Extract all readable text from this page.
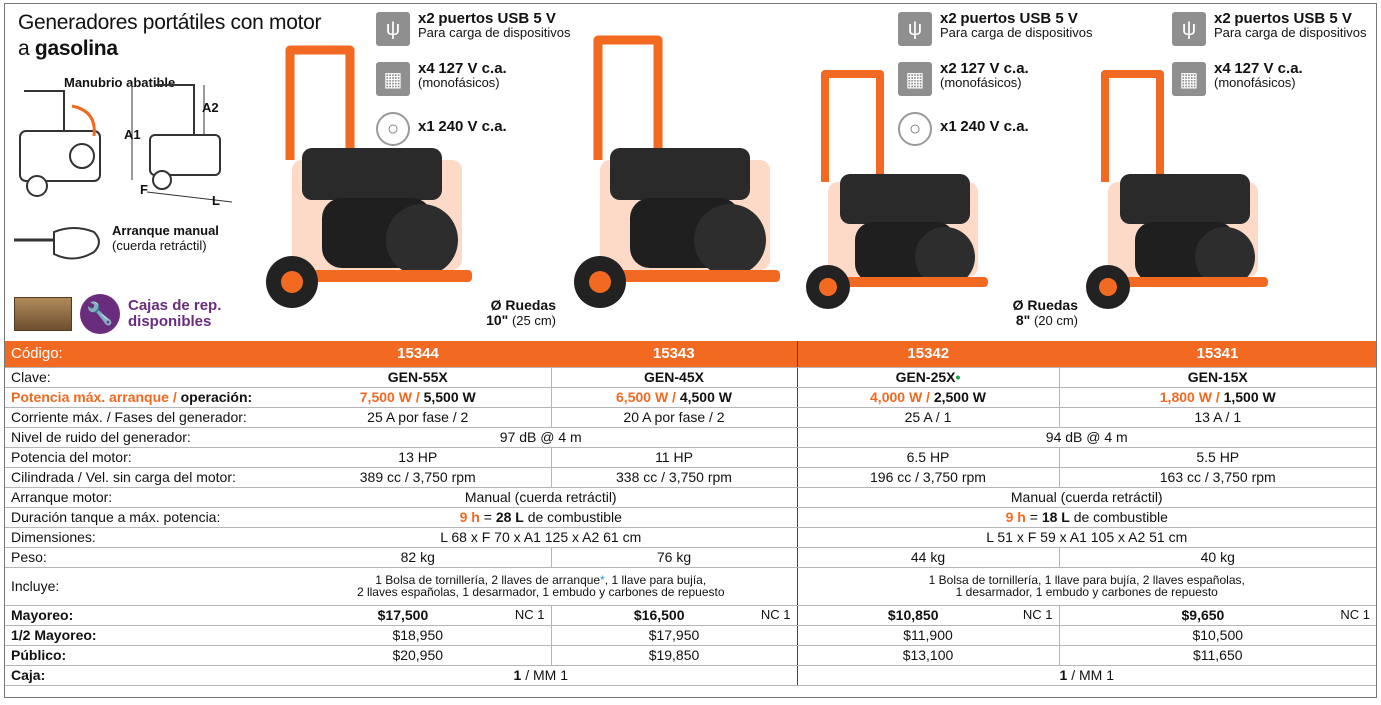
Generadores portátiles con motor
a gasolina
Manubrio abatible
A1
A2
F
L
Arranque manual
(cuerda retráctil)
🔧 Cajas de rep.
disponibles
ψ	x2 puertos USB 5 V
Para carga de dispositivos
▦	x4 127 V c.a.
(monofásicos)
○	x1 240 V c.a.
ψ	x2 puertos USB 5 V
Para carga de dispositivos
▦	x2 127 V c.a.
(monofásicos)
○	x1 240 V c.a.
ψ	x2 puertos USB 5 V
Para carga de dispositivos
▦	x4 127 V c.a.
(monofásicos)
Ø Ruedas
10" (25 cm)
Ø Ruedas
8" (20 cm)
Código:	15344	15343	15342	15341
Clave:	GEN-55X	GEN-45X	GEN-25X•	GEN-15X
Potencia máx. arranque / operación:	7,500 W / 5,500 W	6,500 W / 4,500 W	4,000 W / 2,500 W	1,800 W / 1,500 W
Corriente máx. / Fases del generador:	25 A por fase / 2	20 A por fase / 2	25 A / 1	13 A / 1
Nivel de ruido del generador:	97 dB @ 4 m		94 dB @ 4 m	
Potencia del motor:	13 HP	11 HP	6.5 HP	5.5 HP
Cilindrada / Vel. sin carga del motor:	389 cc / 3,750 rpm	338 cc / 3,750 rpm	196 cc / 3,750 rpm	163 cc / 3,750 rpm
Arranque motor:	Manual (cuerda retráctil)		Manual (cuerda retráctil)	
Duración tanque a máx. potencia:	9 h = 28 L de combustible		9 h = 18 L de combustible	
Dimensiones:	L 68 x F 70 x A1 125 x A2 61 cm		L 51 x F 59 x A1 105 x A2 51 cm	
Peso:	82 kg	76 kg	44 kg	40 kg
Incluye:	1 Bolsa de tornillería, 2 llaves de arranque*, 1 llave para bujía,
2 llaves españolas, 1 desarmador, 1 embudo y carbones de repuesto		1 Bolsa de tornillería, 1 llave para bujía, 2 llaves españolas,
1 desarmador, 1 embudo y carbones de repuesto	
Mayoreo:	$17,500 NC 1	$16,500 NC 1	$10,850 NC 1	$9,650 NC 1

1/2 Mayoreo:	$18,950	$17,950	$11,900	$10,500
Público:	$20,950	$19,850	$13,100	$11,650
Caja:	1 / MM 1		1 / MM 1	
